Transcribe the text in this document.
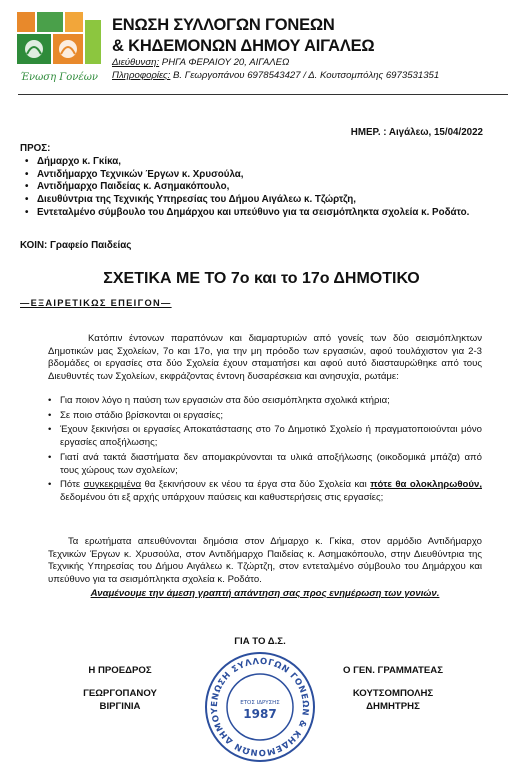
Ένωση Γονέων
ΕΝΩΣΗ ΣΥΛΛΟΓΩΝ ΓΟΝΕΩΝ
& ΚΗΔΕΜΟΝΩΝ ΔΗΜΟΥ ΑΙΓΑΛΕΩ
Διεύθυνση: ΡΗΓΑ ΦΕΡΑΙΟΥ 20, ΑΙΓΑΛΕΩ
Πληροφορίες: Β. Γεωργοπάνου 6978543427 / Δ. Κουτσομπόλης 6973531351
ΗΜΕΡ. : Αιγάλεω, 15/04/2022
ΠΡΟΣ:
• Δήμαρχο κ. Γκίκα,
• Αντιδήμαρχο Τεχνικών Έργων κ. Χρυσούλα,
• Αντιδήμαρχο Παιδείας κ. Ασημακόπουλο,
• Διευθύντρια της Τεχνικής Υπηρεσίας του Δήμου Αιγάλεω κ. Τζώρτζη,
• Εντεταλμένο σύμβουλο του Δημάρχου και υπεύθυνο για τα σεισμόπληκτα σχολεία κ. Ροδάτο.
ΚΟΙΝ: Γραφείο Παιδείας
ΣΧΕΤΙΚΑ ΜΕ ΤΟ 7ο και το 17ο ΔΗΜΟΤΙΚΟ
—ΕΞΑΙΡΕΤΙΚΩΣ ΕΠΕΙΓΟΝ—
Κατόπιν έντονων παραπόνων και διαμαρτυριών από γονείς των δύο σεισμόπληκτων Δημοτικών μας Σχολείων, 7ο και 17ο, για την μη πρόοδο των εργασιών, αφού τουλάχιστον για 2-3 βδομάδες οι εργασίες στα δύο Σχολεία έχουν σταματήσει και αφού αυτό διασταυρώθηκε από τους Διευθυντές των Σχολείων, εκφράζοντας έντονη δυσαρέσκεια και ανησυχία, ρωτάμε:
• Για ποιον λόγο η παύση των εργασιών στα δύο σεισμόπληκτα σχολικά κτήρια;
• Σε ποιο στάδιο βρίσκονται οι εργασίες;
• Έχουν ξεκινήσει οι εργασίες Αποκατάστασης στο 7ο Δημοτικό Σχολείο ή πραγματοποιούνται μόνο εργασίες αποξήλωσης;
• Γιατί ανά τακτά διαστήματα δεν απομακρύνονται τα υλικά αποξήλωσης (οικοδομικά μπάζα) από τους χώρους των σχολείων;
• Πότε συγκεκριμένα θα ξεκινήσουν εκ νέου τα έργα στα δύο Σχολεία και πότε θα ολοκληρωθούν, δεδομένου ότι εξ αρχής υπάρχουν παύσεις και καθυστερήσεις στις εργασίες;
Τα ερωτήματα απευθύνονται δημόσια στον Δήμαρχο κ. Γκίκα, στον αρμόδιο Αντιδήμαρχο Τεχνικών Έργων κ. Χρυσούλα, στον Αντιδήμαρχο Παιδείας κ. Ασημακόπουλο, στην Διευθύντρια της Τεχνικής Υπηρεσίας του Δήμου Αιγάλεω κ. Τζώρτζη, στον εντεταλμένο σύμβουλο του Δημάρχου και υπεύθυνο για τα σεισμόπληκτα σχολεία κ. Ροδάτο.
Αναμένουμε την άμεση γραπτή απάντηση σας προς ενημέρωση των γονιών.
ΓΙΑ ΤΟ Δ.Σ.
Η ΠΡΟΕΔΡΟΣ
ΓΕΩΡΓΟΠΑΝΟΥ
ΒΙΡΓΙΝΙΑ
Ο ΓΕΝ. ΓΡΑΜΜΑΤΕΑΣ
ΚΟΥΤΣΟΜΠΟΛΗΣ
ΔΗΜΗΤΡΗΣ
ΕΝΩΣΗ ΣΥΛΛΟΓΩΝ ΓΟΝΕΩΝ & ΚΗΔΕΜΟΝΩΝ ΔΗΜΟΥ
ΕΤΟΣ ΙΔΡΥΣΗΣ
1987
